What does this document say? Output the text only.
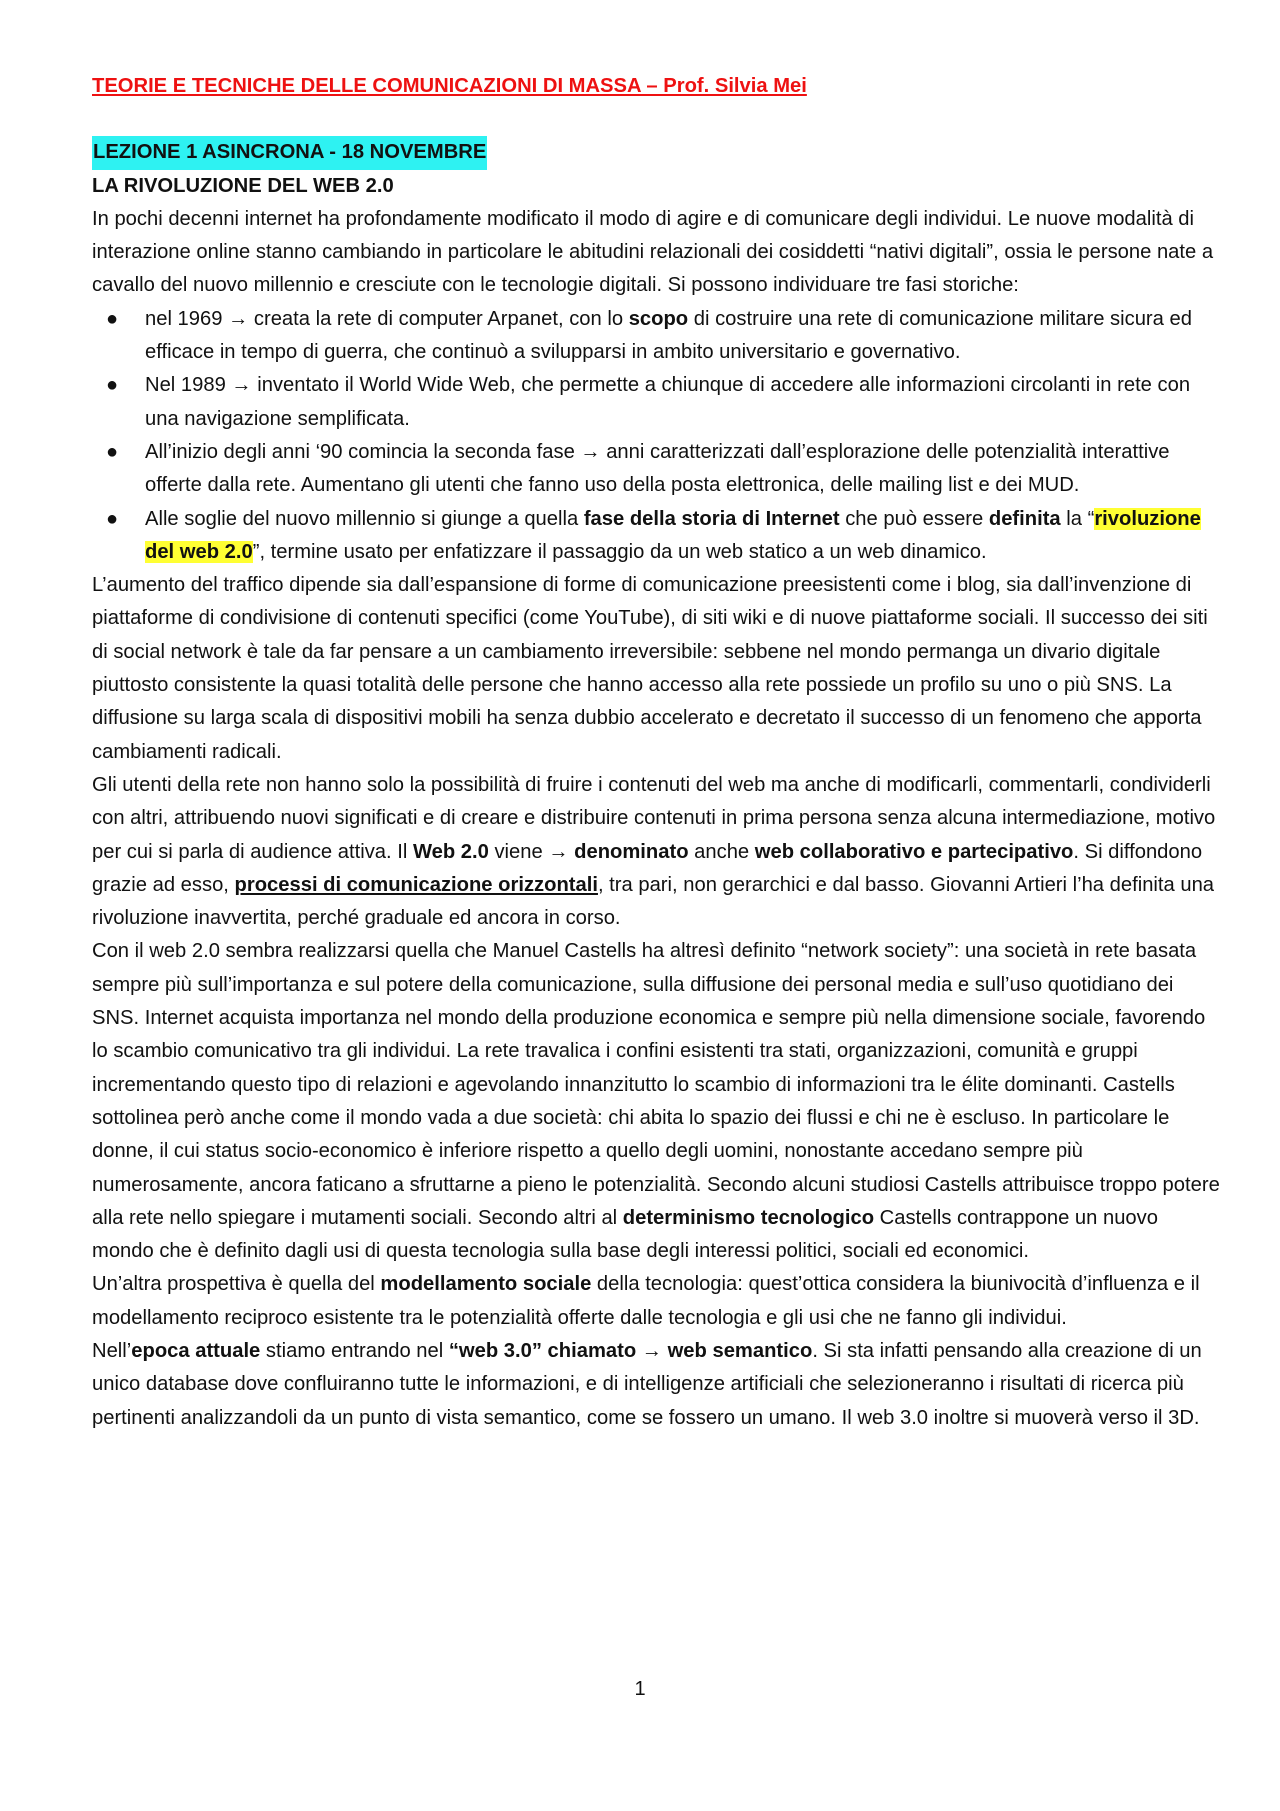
TEORIE E TECNICHE DELLE COMUNICAZIONI DI MASSA – Prof. Silvia Mei
LEZIONE 1 ASINCRONA - 18 NOVEMBRE
LA RIVOLUZIONE DEL WEB 2.0

In pochi decenni internet ha profondamente modificato il modo di agire e di comunicare degli individui. Le nuove modalità di interazione online stanno cambiando in particolare le abitudini relazionali dei cosiddetti “nativi digitali”, ossia le persone nate a cavallo del nuovo millennio e cresciute con le tecnologie digitali. Si possono individuare tre fasi storiche:

● nel 1969 → creata la rete di computer Arpanet, con lo scopo di costruire una rete di comunicazione militare sicura ed efficace in tempo di guerra, che continuò a svilupparsi in ambito universitario e governativo.
● Nel 1989 → inventato il World Wide Web, che permette a chiunque di accedere alle informazioni circolanti in rete con una navigazione semplificata.
● All’inizio degli anni ‘90 comincia la seconda fase → anni caratterizzati dall’esplorazione delle potenzialità interattive offerte dalla rete. Aumentano gli utenti che fanno uso della posta elettronica, delle mailing list e dei MUD.
● Alle soglie del nuovo millennio si giunge a quella fase della storia di Internet che può essere definita la “rivoluzione del web 2.0”, termine usato per enfatizzare il passaggio da un web statico a un web dinamico.

L’aumento del traffico dipende sia dall’espansione di forme di comunicazione preesistenti come i blog, sia dall’invenzione di piattaforme di condivisione di contenuti specifici (come YouTube), di siti wiki e di nuove piattaforme sociali. Il successo dei siti di social network è tale da far pensare a un cambiamento irreversibile: sebbene nel mondo permanga un divario digitale piuttosto consistente la quasi totalità delle persone che hanno accesso alla rete possiede un profilo su uno o più SNS. La diffusione su larga scala di dispositivi mobili ha senza dubbio accelerato e decretato il successo di un fenomeno che apporta cambiamenti radicali.

Gli utenti della rete non hanno solo la possibilità di fruire i contenuti del web ma anche di modificarli, commentarli, condividerli con altri, attribuendo nuovi significati e di creare e distribuire contenuti in prima persona senza alcuna intermediazione, motivo per cui si parla di audience attiva. Il Web 2.0 viene → denominato anche web collaborativo e partecipativo. Si diffondono grazie ad esso, processi di comunicazione orizzontali, tra pari, non gerarchici e dal basso. Giovanni Artieri l’ha definita una rivoluzione inavvertita, perché graduale ed ancora in corso.

Con il web 2.0 sembra realizzarsi quella che Manuel Castells ha altresì definito “network society”: una società in rete basata sempre più sull’importanza e sul potere della comunicazione, sulla diffusione dei personal media e sull’uso quotidiano dei SNS. Internet acquista importanza nel mondo della produzione economica e sempre più nella dimensione sociale, favorendo lo scambio comunicativo tra gli individui. La rete travalica i confini esistenti tra stati, organizzazioni, comunità e gruppi incrementando questo tipo di relazioni e agevolando innanzitutto lo scambio di informazioni tra le élite dominanti. Castells sottolinea però anche come il mondo vada a due società: chi abita lo spazio dei flussi e chi ne è escluso. In particolare le donne, il cui status socio-economico è inferiore rispetto a quello degli uomini, nonostante accedano sempre più numerosamente, ancora faticano a sfruttarne a pieno le potenzialità. Secondo alcuni studiosi Castells attribuisce troppo potere alla rete nello spiegare i mutamenti sociali. Secondo altri al determinismo tecnologico Castells contrappone un nuovo mondo che è definito dagli usi di questa tecnologia sulla base degli interessi politici, sociali ed economici.

Un’altra prospettiva è quella del modellamento sociale della tecnologia: quest’ottica considera la biunivocità d’influenza e il modellamento reciproco esistente tra le potenzialità offerte dalle tecnologia e gli usi che ne fanno gli individui.

Nell’epoca attuale stiamo entrando nel “web 3.0” chiamato → web semantico. Si sta infatti pensando alla creazione di un unico database dove confluiranno tutte le informazioni, e di intelligenze artificiali che selezioneranno i risultati di ricerca più pertinenti analizzandoli da un punto di vista semantico, come se fossero un umano. Il web 3.0 inoltre si muoverà verso il 3D.

1
